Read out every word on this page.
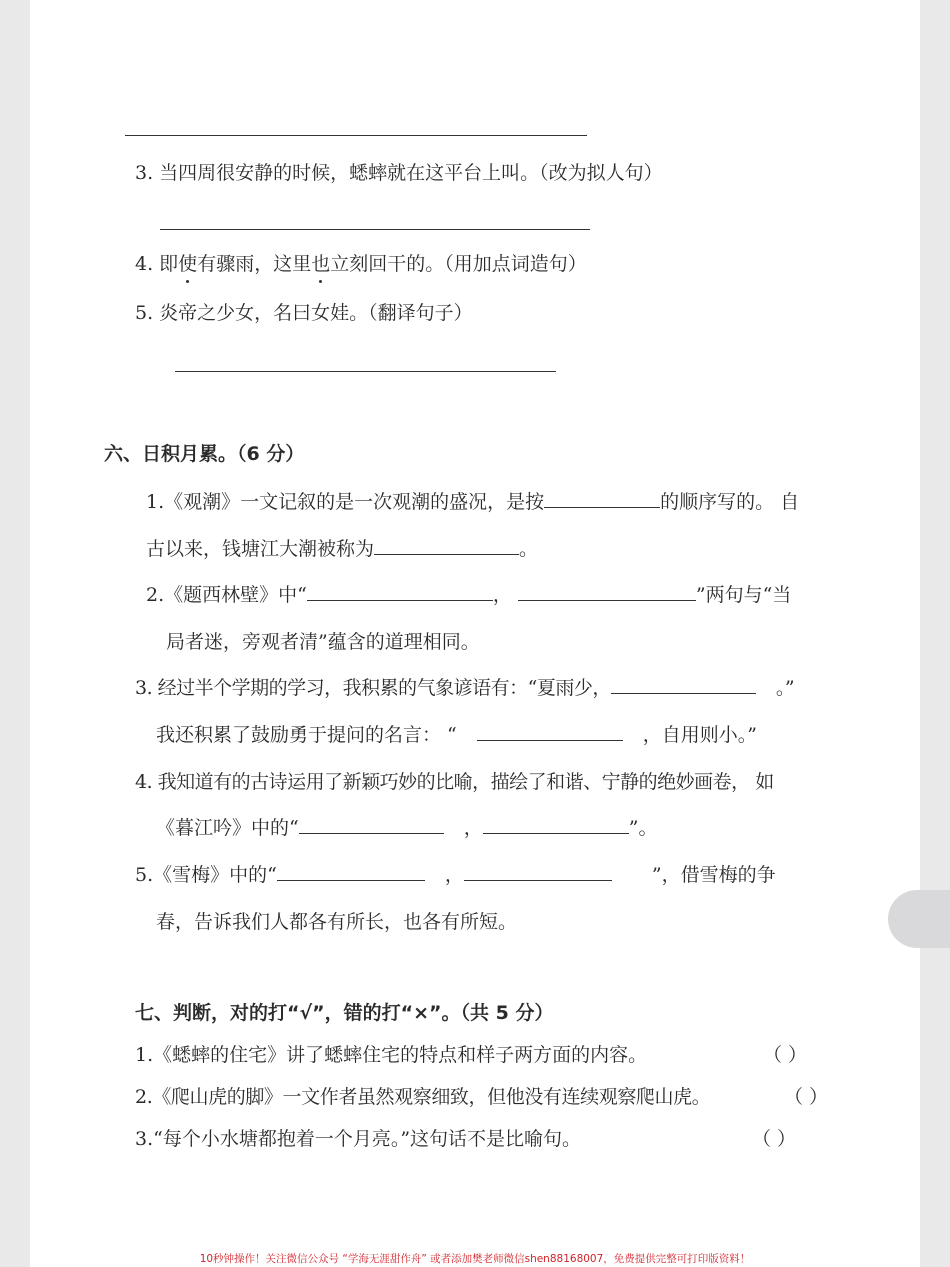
3. 当四周很安静的时候，蟋蟀就在这平台上叫。（改为拟人句）
4. 即使有骤雨，这里也立刻回干的。（用加点词造句）
5. 炎帝之少女，名曰女娃。（翻译句子）
六、日积月累。（6 分）
1.《观潮》一文记叙的是一次观潮的盛况，是按	的顺序写的。 自
古以来，钱塘江大潮被称为	。
2.《题西林壁》中“	，	”两句与“当
局者迷，旁观者清”蕴含的道理相同。
3. 经过半个学期的学习，我积累的气象谚语有：“夏雨少，	。”
我还积累了鼓励勇于提问的名言： “	，自用则小。”
4. 我知道有的古诗运用了新颖巧妙的比喻，描绘了和谐、宁静的绝妙画卷， 如
《暮江吟》中的“	，	”。
5.《雪梅》中的“	，	”，借雪梅的争
春，告诉我们人都各有所长，也各有所短。
七、判断，对的打“√”，错的打“×”。（共 5 分）
1.《蟋蟀的住宅》讲了蟋蟀住宅的特点和样子两方面的内容。	（ ）
2.《爬山虎的脚》一文作者虽然观察细致，但他没有连续观察爬山虎。	（ ）
3.“每个小水塘都抱着一个月亮。”这句话不是比喻句。	（ ）
10秒钟操作！关注微信公众号 “学海无涯甜作舟” 或者添加樊老师微信shen88168007，免费提供完整可打印版资料！
